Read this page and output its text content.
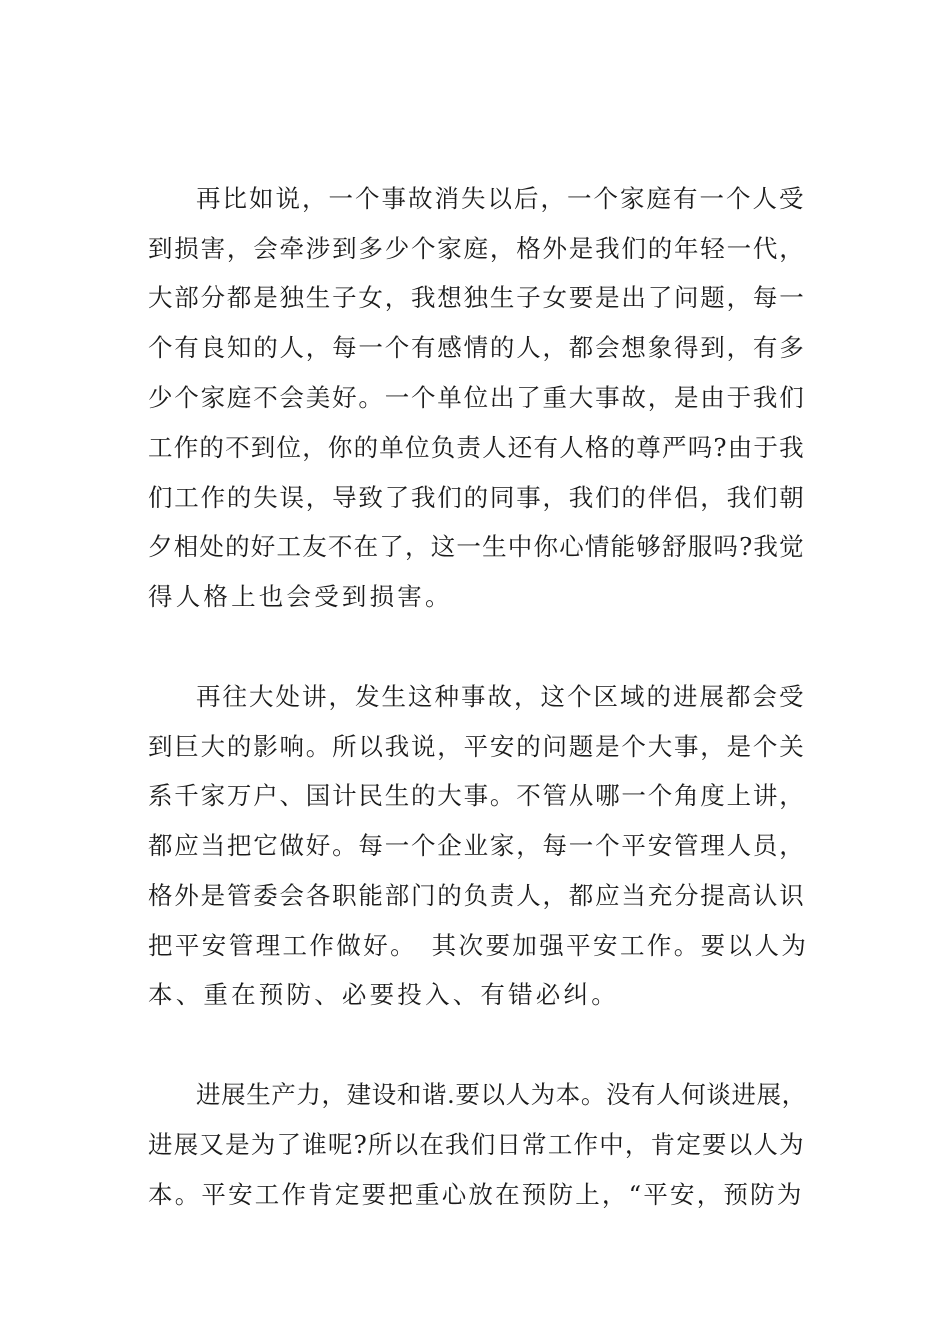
再比如说，一个事故消失以后，一个家庭有一个人受
到损害，会牵涉到多少个家庭，格外是我们的年轻一代，
大部分都是独生子女，我想独生子女要是出了问题，每一
个有良知的人，每一个有感情的人，都会想象得到，有多
少个家庭不会美好。一个单位出了重大事故，是由于我们
工作的不到位，你的单位负责人还有人格的尊严吗?由于我
们工作的失误，导致了我们的同事，我们的伴侣，我们朝
夕相处的好工友不在了，这一生中你心情能够舒服吗?我觉
得人格上也会受到损害。
再往大处讲，发生这种事故，这个区域的进展都会受
到巨大的影响。所以我说，平安的问题是个大事，是个关
系千家万户、国计民生的大事。不管从哪一个角度上讲，
都应当把它做好。每一个企业家，每一个平安管理人员，
格外是管委会各职能部门的负责人，都应当充分提高认识
把平安管理工作做好。　其次要加强平安工作。要以人为
本、重在预防、必要投入、有错必纠。
进展生产力，建设和谐.要以人为本。没有人何谈进展，
进展又是为了谁呢?所以在我们日常工作中，肯定要以人为
本。平安工作肯定要把重心放在预防上，“平安，预防为
